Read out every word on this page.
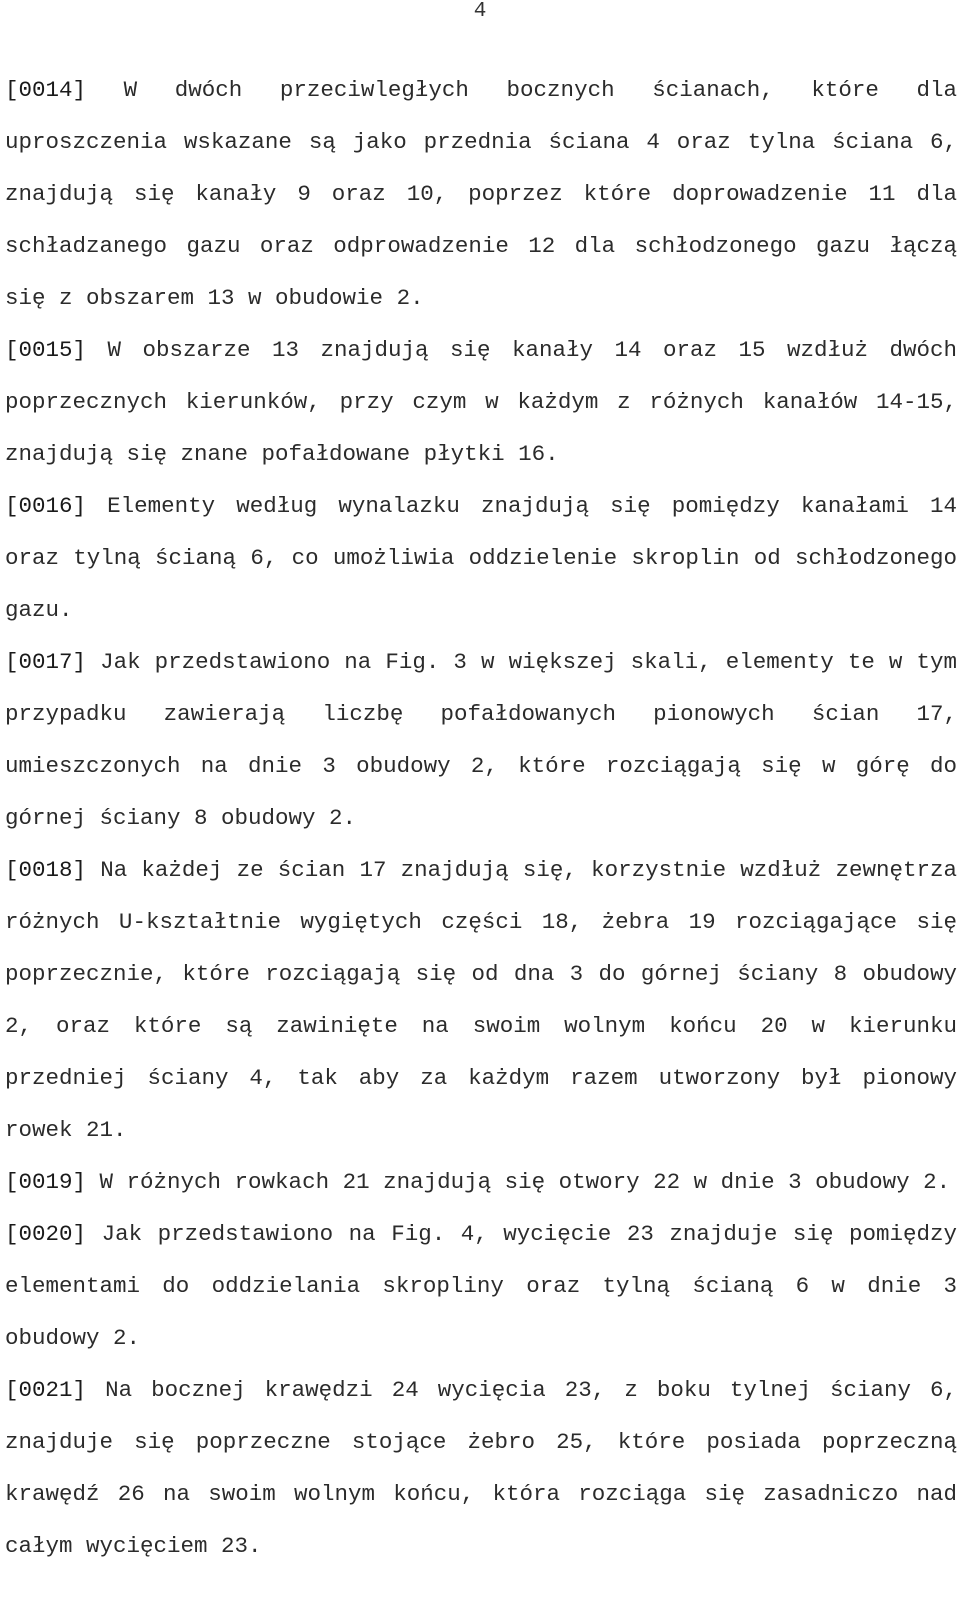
4

[0014] W dwóch przeciwległych bocznych ścianach, które dla uproszczenia wskazane są jako przednia ściana 4 oraz tylna ściana 6, znajdują się kanały 9 oraz 10, poprzez które doprowadzenie 11 dla schładzanego gazu oraz odprowadzenie 12 dla schłodzonego gazu łączą się z obszarem 13 w obudowie 2.

[0015] W obszarze 13 znajdują się kanały 14 oraz 15 wzdłuż dwóch poprzecznych kierunków, przy czym w każdym z różnych kanałów 14-15, znajdują się znane pofałdowane płytki 16.

[0016] Elementy według wynalazku znajdują się pomiędzy kanałami 14 oraz tylną ścianą 6, co umożliwia oddzielenie skroplin od schłodzonego gazu.

[0017] Jak przedstawiono na Fig. 3 w większej skali, elementy te w tym przypadku zawierają liczbę pofałdowanych pionowych ścian 17, umieszczonych na dnie 3 obudowy 2, które rozciągają się w górę do górnej ściany 8 obudowy 2.

[0018] Na każdej ze ścian 17 znajdują się, korzystnie wzdłuż zewnętrza różnych U-kształtnie wygiętych części 18, żebra 19 rozciągające się poprzecznie, które rozciągają się od dna 3 do górnej ściany 8 obudowy 2, oraz które są zawinięte na swoim wolnym końcu 20 w kierunku przedniej ściany 4, tak aby za każdym razem utworzony był pionowy rowek 21.

[0019] W różnych rowkach 21 znajdują się otwory 22 w dnie 3 obudowy 2.

[0020] Jak przedstawiono na Fig. 4, wycięcie 23 znajduje się pomiędzy elementami do oddzielania skropliny oraz tylną ścianą 6 w dnie 3 obudowy 2.

[0021] Na bocznej krawędzi 24 wycięcia 23, z boku tylnej ściany 6, znajduje się poprzeczne stojące żebro 25, które posiada poprzeczną krawędź 26 na swoim wolnym końcu, która rozciąga się zasadniczo nad całym wycięciem 23.
